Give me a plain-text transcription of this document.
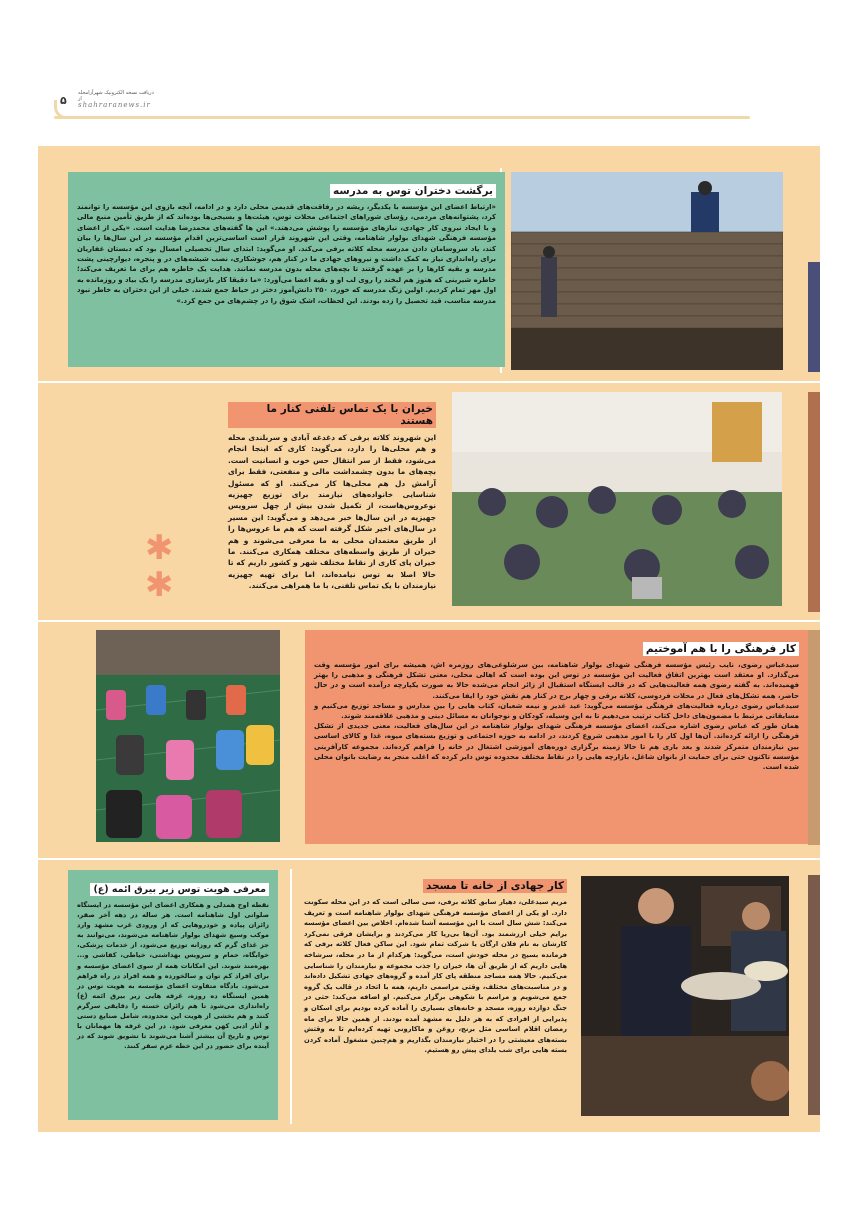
۵
دریافت نسخه الکترونیک شهرآرامحله از
shahraranews.ir
برگشت دختران توس به مدرسه

«ارتباط اعضای این مؤسسه با یکدیگر، ریشه در رفاقت‌های قدیمی محلی دارد و در ادامه، آنچه بازوی این مؤسسه را توانمند کرد، پشتوانه‌های مردمی، رؤسای شوراهای اجتماعی محلات توس، هیئت‌ها و بسیجی‌ها بوده‌اند که از طریق تأمین منبع مالی و با ایجاد نیروی کار جهادی، نیازهای مؤسسه را پوشش می‌دهند.» این ها گفته‌های محمدرضا هدایت است. «یکی از اعضای مؤسسه فرهنگی شهدای بولوار شاهنامه، وقتی این شهروند قرار است اساسی‌ترین اقدام مؤسسه در این سال‌ها را بیان کند، یاد سروسامان دادن مدرسه محله کلاته برفی می‌کند. او می‌گوید: ابتدای سال تحصیلی امسال بود که دبستان غفاریان برای راه‌اندازی نیاز به کمک داشت و نیروهای جهادی ما در کنار هم، جوشکاری، نصب شیشه‌های در و پنجره، دیوارچینی پشت مدرسه و بقیه کارها را بر عهده گرفتند تا بچه‌های محله بدون مدرسه نمانند. هدایت یک خاطره هم برای ما تعریف می‌کند؛ خاطره شیرینی که هنوز هم لبخند را روی لب او و بقیه اعضا می‌آورد: «ما دقیقا کار بازسازی مدرسه را یک بیاد و روزمانده به اول مهر تمام کردیم. اولین زنگ مدرسه که خورد، ۲۵۰ دانش‌آموز دختر در حیاط جمع شدند. خیلی از این دختران به خاطر نبود مدرسه مناسب، قید تحصیل را زده بودند. این لحظات، اشک شوق را در چشم‌های من جمع کرد.»

خیران با یک تماس تلفنی کنار ما هستند

این شهروند کلاته برفی که دغدغه آبادی و سربلندی محله و هم محلی‌ها را دارد، می‌گوید: کاری که اینجا انجام می‌شود، فقط از سر انتقال حس خوب و انسانیت است. بچه‌های ما بدون چشمداشت مالی و منفعتی، فقط برای آرامش دل هم محلی‌ها کار می‌کنند. او که مسئول شناسایی خانواده‌های نیازمند برای توزیع جهیزیه نوعروس‌هاست، از تکمیل شدن بیش از چهل سرویس جهیزیه در این سال‌ها خبر می‌دهد و می‌گوید: این مسیر در سال‌های اخیر شکل گرفته است که هم ما عروس‌ها را از طریق معتمدان محلی به ما معرفی می‌شوند و هم خیران از طریق واسطه‌های مختلف همکاری می‌کنند. ما خیران پای کاری از نقاط مختلف شهر و کشور داریم که تا حالا اصلا به توس نیامده‌اند، اما برای تهیه جهیزیه نیازمندان با یک تماس تلفنی، با ما همراهی می‌کنند.

✱
✱
کار فرهنگی را با هم آموختیم

سیدعباس رضوی، نایب رئیس مؤسسه فرهنگی شهدای بولوار شاهنامه، بین سرشلوغی‌های روزمره اش، همیشه برای امور مؤسسه وقت می‌گذارد. او معتقد است بهترین اتفاق فعالیت این مؤسسه در توس این بوده است که اهالی محلی، معنی تشکل فرهنگی و مذهبی را بهتر فهمیده‌اند. به گفته رضوی همه فعالیت‌هایی که در قالب ایستگاه استقبال از زائر انجام می‌شده حالا به صورت یکپارچه درآمده است و در حال حاضر، همه تشکل‌های فعال در محلات فردوسی، کلاته برفی و چهار برج در کنار هم نقش خود را ایفا می‌کنند.

سیدعباس رضوی درباره فعالیت‌های فرهنگی مؤسسه می‌گوید: عید غدیر و نیمه شعبان، کتاب هایی را بین مدارس و مساجد توزیع می‌کنیم و مسابقاتی مرتبط با مضمون‌های داخل کتاب ترتیب می‌دهیم تا به این وسیله، کودکان و نوجوانان به مسائل دینی و مذهبی علاقه‌مند شوند.

همان طور که عباس رضوی اشاره می‌کند، اعضای مؤسسه فرهنگی شهدای بولوار شاهنامه در این سال‌های فعالیت، معنی جدیدی از تشکل فرهنگی را ارائه کرده‌اند. آن‌ها اول کار را با امور مذهبی شروع کردند، در ادامه به حوزه اجتماعی و توزیع بسته‌های میوه، غذا و کالای اساسی بین نیازمندان متمرکز شدند و بعد باری هم تا حالا زمینه برگزاری دوره‌های آموزشی اشتغال در خانه را فراهم کرده‌اند. مجموعه کارآفرینی مؤسسه تاکنون حتی برای حمایت از بانوان شاغل، بازارچه هایی را در نقاط مختلف محدوده توس دایر کرده که اغلب منجر به رضایت بانوان محلی شده است.

معرفی هویت توس زیر بیرق ائمه (ع)

نقطه اوج همدلی و همکاری اعضای این مؤسسه در ایستگاه صلواتی اول شاهنامه است. هر ساله در دهه آخر صفر، زائران پیاده و خودروهایی که از ورودی غرب مشهد وارد موکب وسیع شهدای بولوار شاهنامه می‌شوند، می‌توانند به جز غذای گرم که روزانه توزیع می‌شود، از خدمات پزشکی، خوابگاه، حمام و سرویس بهداشتی، خیاطی، کفاشی و... بهره‌مند شوند. این امکانات همه از سوی اعضای مؤسسه و برای افراد کم توان و سالخورده و همه افراد در راه فراهم می‌شود. بادگاه متفاوت اعضای مؤسسه به هویت توس در همین ایستگاه ده روزه، غرفه هایی زیر بیرق ائمه (ع) راه‌اندازی می‌شود تا هم زائران خسته را دقایقی سرگرم کنند و هم بخشی از هویت این محدوده، شامل صنایع دستی و آثار ادبی کهن معرفی شود. در این غرفه ها مهمانان با توس و تاریخ آن بیشتر آشنا می‌شوند تا تشویق شوند که در آینده برای حضور در این خطه عزم سفر کنند.

کار جهادی از خانه تا مسجد

مریم سیدعلی، دهیار سابق کلاته برفی، سی سالی است که در این محله سکونت دارد. او یکی از اعضای مؤسسه فرهنگی شهدای بولوار شاهنامه است و تعریف می‌کند: شش سال است با این مؤسسه آشنا شده‌ام. اخلاص بین اعضای مؤسسه برایم خیلی ارزشمند بود. آن‌ها بی‌ریا کار می‌کردند و برایشان فرقی نمی‌کرد کارشان به نام فلان ارگان یا شرکت تمام شود. این ساکن فعال کلاته برفی که فرمانده بسیج در محله خودش است، می‌گوید: هرکدام از ما در محله، سرشاخه هایی داریم که از طریق آن ها، خیران را جذب مجموعه و نیازمندان را شناسایی می‌کنیم. حالا همه مساجد منطقه پای کار آمده و گروه‌های جهادی تشکیل داده‌اند و در مناسبت‌های مختلف، وقتی مراسمی داریم، همه با اتحاد در قالب یک گروه جمع می‌شویم و مراسم با شکوهی برگزار می‌کنیم. او اضافه می‌کند: حتی در جنگ دوازده روزه، مسجد و خانه‌های بسیاری را آماده کرده بودیم برای اسکان و پذیرایی از افرادی که به هر دلیل به مشهد آمده بودند. از همین حالا برای ماه رمضان اقلام اساسی مثل برنج، روغن و ماکارونی تهیه کرده‌ایم تا به وقتش بسته‌های معیشتی را در اختیار نیازمندان بگذاریم و هم‌چنین مشغول آماده کردن بسته هایی برای شب یلدای پیش رو هستیم.
